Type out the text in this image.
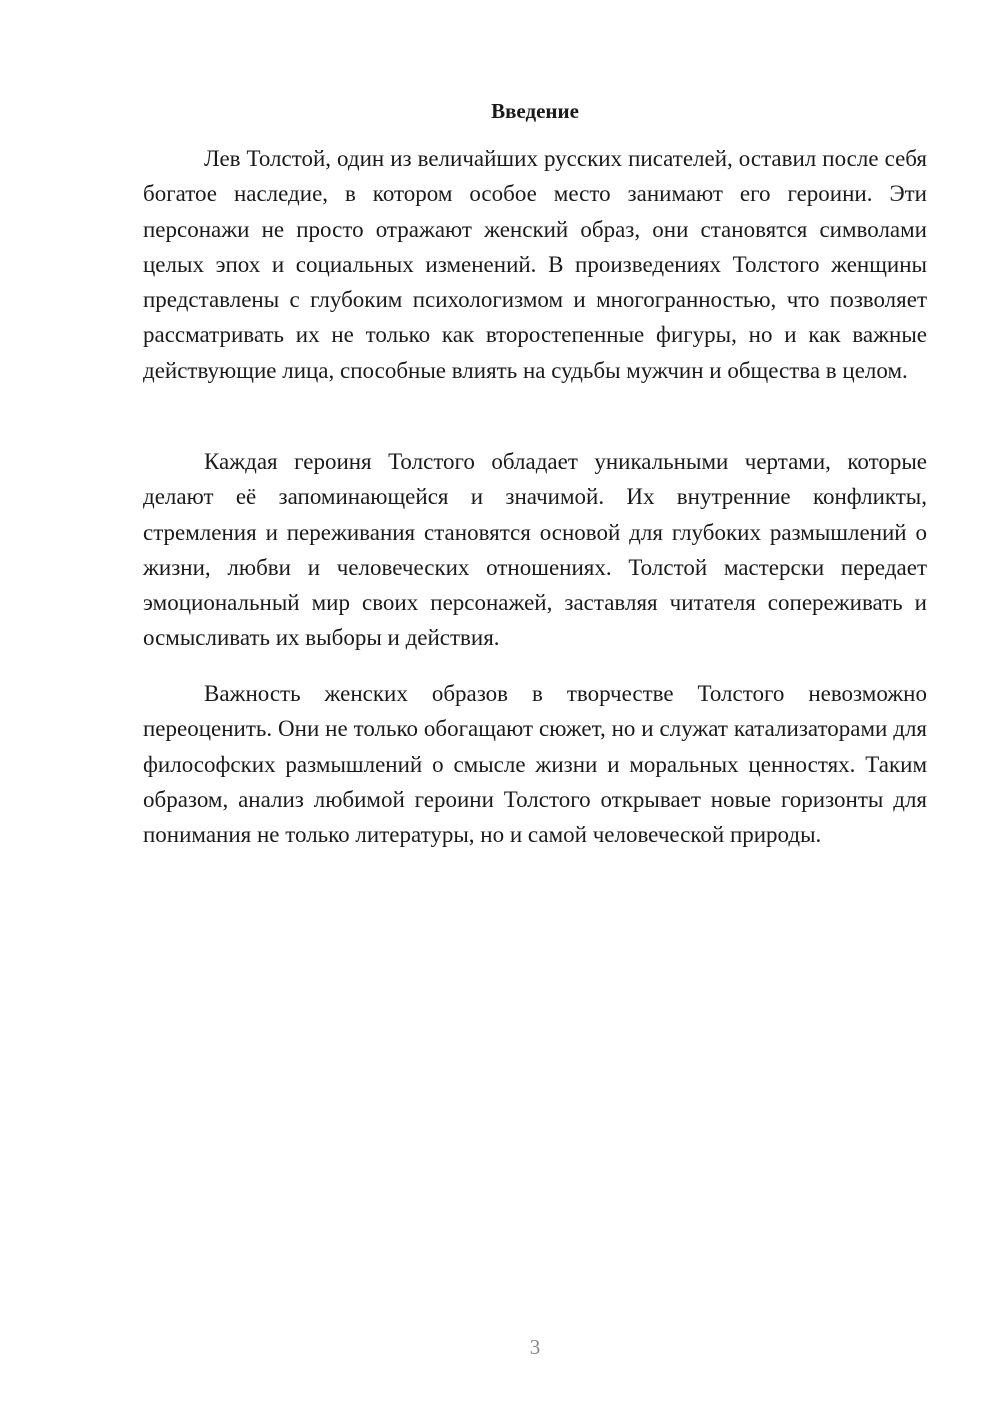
Введение

Лев Толстой, один из величайших русских писателей, оставил после себя богатое наследие, в котором особое место занимают его героини. Эти персонажи не просто отражают женский образ, они становятся символами целых эпох и социальных изменений. В произведениях Толстого женщины представлены с глубоким психологизмом и многогранностью, что позволяет рассматривать их не только как второстепенные фигуры, но и как важные действующие лица, способные влиять на судьбы мужчин и общества в целом.

Каждая героиня Толстого обладает уникальными чертами, которые делают её запоминающейся и значимой. Их внутренние конфликты, стремления и переживания становятся основой для глубоких размышлений о жизни, любви и человеческих отношениях. Толстой мастерски передает эмоциональный мир своих персонажей, заставляя читателя сопереживать и осмысливать их выборы и действия.

Важность женских образов в творчестве Толстого невозможно переоценить. Они не только обогащают сюжет, но и служат катализаторами для философских размышлений о смысле жизни и моральных ценностях. Таким образом, анализ любимой героини Толстого открывает новые горизонты для понимания не только литературы, но и самой человеческой природы.

3
